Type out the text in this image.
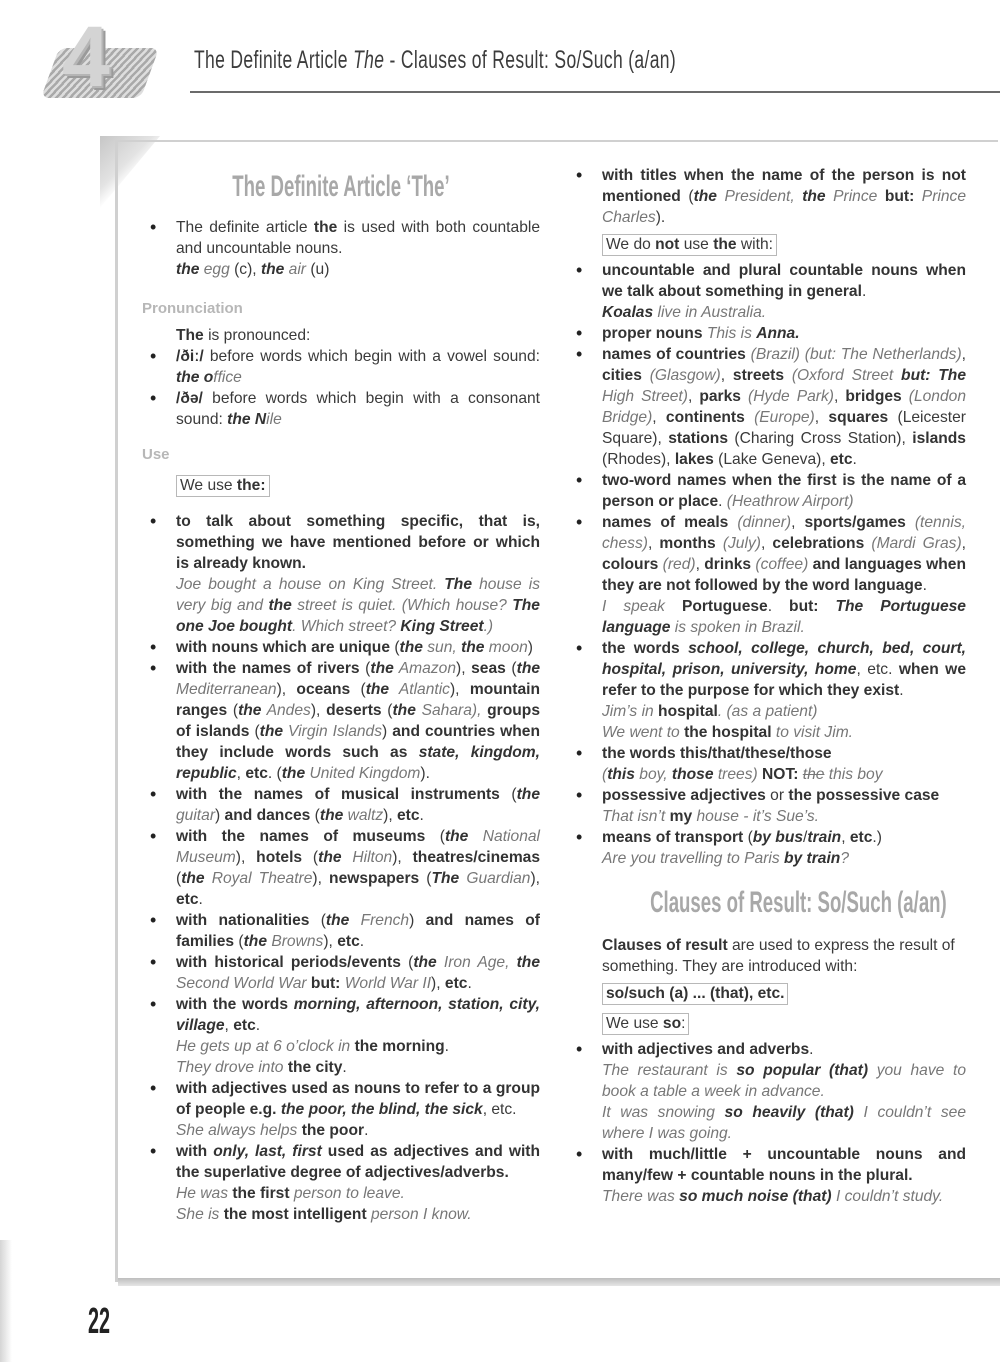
4	The Definite Article The - Clauses of Result: So/Such (a/an)
The Definite Article ‘The’
• The definite article the is used with both countable and uncountable nouns.
the egg (c), the air (u)

Pronunciation

The is pronounced:

• /ðiː/ before words which begin with a vowel sound: the office
• /ðə/ before words which begin with a consonant sound: the Nile

Use

We use the:
• to talk about something specific, that is, something we have mentioned before or which is already known.
Joe bought a house on King Street. The house is very big and the street is quiet. (Which house? The one Joe bought. Which street? King Street.)
• with nouns which are unique (the sun, the moon)
• with the names of rivers (the Amazon), seas (the Mediterranean), oceans (the Atlantic), mountain ranges (the Andes), deserts (the Sahara), groups of islands (the Virgin Islands) and countries when they include words such as state, kingdom, republic, etc. (the United Kingdom).
• with the names of musical instruments (the guitar) and dances (the waltz), etc.
• with the names of museums (the National Museum), hotels (the Hilton), theatres/cinemas (the Royal Theatre), newspapers (The Guardian), etc.
• with nationalities (the French) and names of families (the Browns), etc.
• with historical periods/events (the Iron Age, the Second World War but: World War II), etc.
• with the words morning, afternoon, station, city, village, etc.
He gets up at 6 o’clock in the morning.
They drove into the city.
• with adjectives used as nouns to refer to a group of people e.g. the poor, the blind, the sick, etc.
She always helps the poor.
• with only, last, first used as adjectives and with the superlative degree of adjectives/adverbs.
He was the first person to leave.
She is the most intelligent person I know.
• with titles when the name of the person is not mentioned (the President, the Prince but: Prince Charles).
We do not use the with:
• uncountable and plural countable nouns when we talk about something in general.
Koalas live in Australia.
• proper nouns This is Anna.
• names of countries (Brazil) (but: The Netherlands), cities (Glasgow), streets (Oxford Street but: The High Street), parks (Hyde Park), bridges (London Bridge), continents (Europe), squares (Leicester Square), stations (Charing Cross Station), islands (Rhodes), lakes (Lake Geneva), etc.
• two-word names when the first is the name of a person or place. (Heathrow Airport)
• names of meals (dinner), sports/games (tennis, chess), months (July), celebrations (Mardi Gras), colours (red), drinks (coffee) and languages when they are not followed by the word language.
I speak Portuguese. but: The Portuguese language is spoken in Brazil.
• the words school, college, church, bed, court, hospital, prison, university, home, etc. when we refer to the purpose for which they exist.
Jim’s in hospital. (as a patient)
We went to the hospital to visit Jim.
• the words this/that/these/those
(this boy, those trees) NOT: the this boy
• possessive adjectives or the possessive case
That isn’t my house - it’s Sue’s.
• means of transport (by bus/train, etc.)
Are you travelling to Paris by train?
Clauses of Result: So/Such (a/an)

Clauses of result are used to express the result of something. They are introduced with:

so/such (a) ... (that), etc.
We use so:
• with adjectives and adverbs.
The restaurant is so popular (that) you have to book a table a week in advance.
It was snowing so heavily (that) I couldn’t see where I was going.
• with much/little + uncountable nouns and many/few + countable nouns in the plural.
There was so much noise (that) I couldn’t study.
22
